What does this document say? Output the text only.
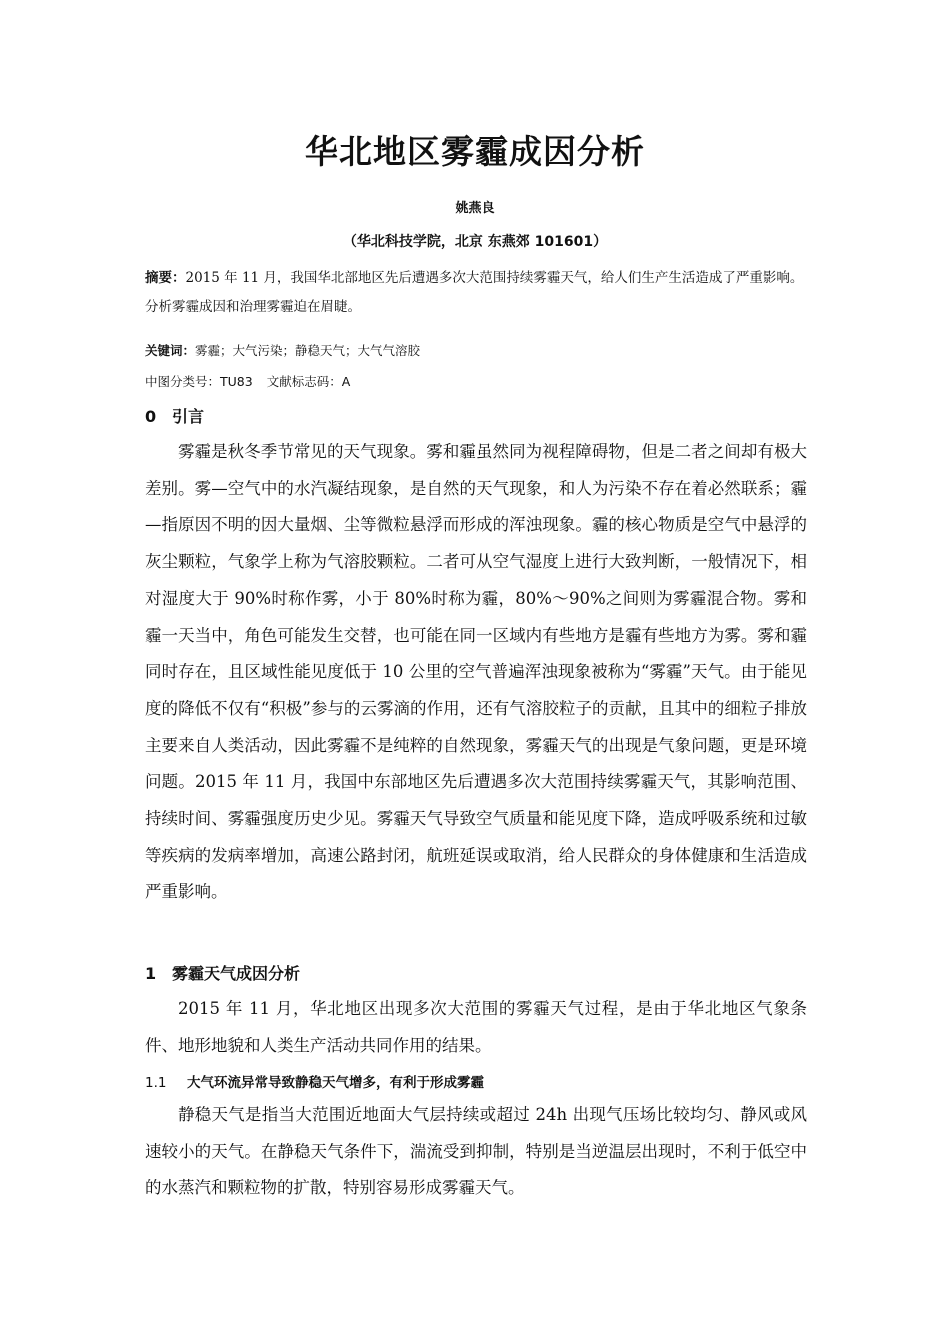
华北地区雾霾成因分析
姚燕良
（华北科技学院，北京 东燕郊 101601）
摘要：2015 年 11 月，我国华北部地区先后遭遇多次大范围持续雾霾天气，给人们生产生活造成了严重影响。分析雾霾成因和治理雾霾迫在眉睫。
关键词：雾霾；大气污染；静稳天气；大气气溶胶
中图分类号：TU83 文献标志码：A
0 引言
雾霾是秋冬季节常见的天气现象。雾和霾虽然同为视程障碍物，但是二者之间却有极大差别。雾—空气中的水汽凝结现象，是自然的天气现象，和人为污染不存在着必然联系；霾—指原因不明的因大量烟、尘等微粒悬浮而形成的浑浊现象。霾的核心物质是空气中悬浮的灰尘颗粒，气象学上称为气溶胶颗粒。二者可从空气湿度上进行大致判断，一般情况下，相对湿度大于 90%时称作雾，小于 80%时称为霾，80%～90%之间则为雾霾混合物。雾和霾一天当中，角色可能发生交替，也可能在同一区域内有些地方是霾有些地方为雾。雾和霾同时存在，且区域性能见度低于 10 公里的空气普遍浑浊现象被称为“雾霾”天气。由于能见度的降低不仅有“积极”参与的云雾滴的作用，还有气溶胶粒子的贡献，且其中的细粒子排放主要来自人类活动，因此雾霾不是纯粹的自然现象，雾霾天气的出现是气象问题，更是环境问题。2015 年 11 月，我国中东部地区先后遭遇多次大范围持续雾霾天气，其影响范围、持续时间、雾霾强度历史少见。雾霾天气导致空气质量和能见度下降，造成呼吸系统和过敏等疾病的发病率增加，高速公路封闭，航班延误或取消，给人民群众的身体健康和生活造成严重影响。
1 雾霾天气成因分析
2015 年 11 月，华北地区出现多次大范围的雾霾天气过程，是由于华北地区气象条件、地形地貌和人类生产活动共同作用的结果。
1.1 大气环流异常导致静稳天气增多，有利于形成雾霾
静稳天气是指当大范围近地面大气层持续或超过 24h 出现气压场比较均匀、静风或风速较小的天气。在静稳天气条件下，湍流受到抑制，特别是当逆温层出现时，不利于低空中的水蒸汽和颗粒物的扩散，特别容易形成雾霾天气。
